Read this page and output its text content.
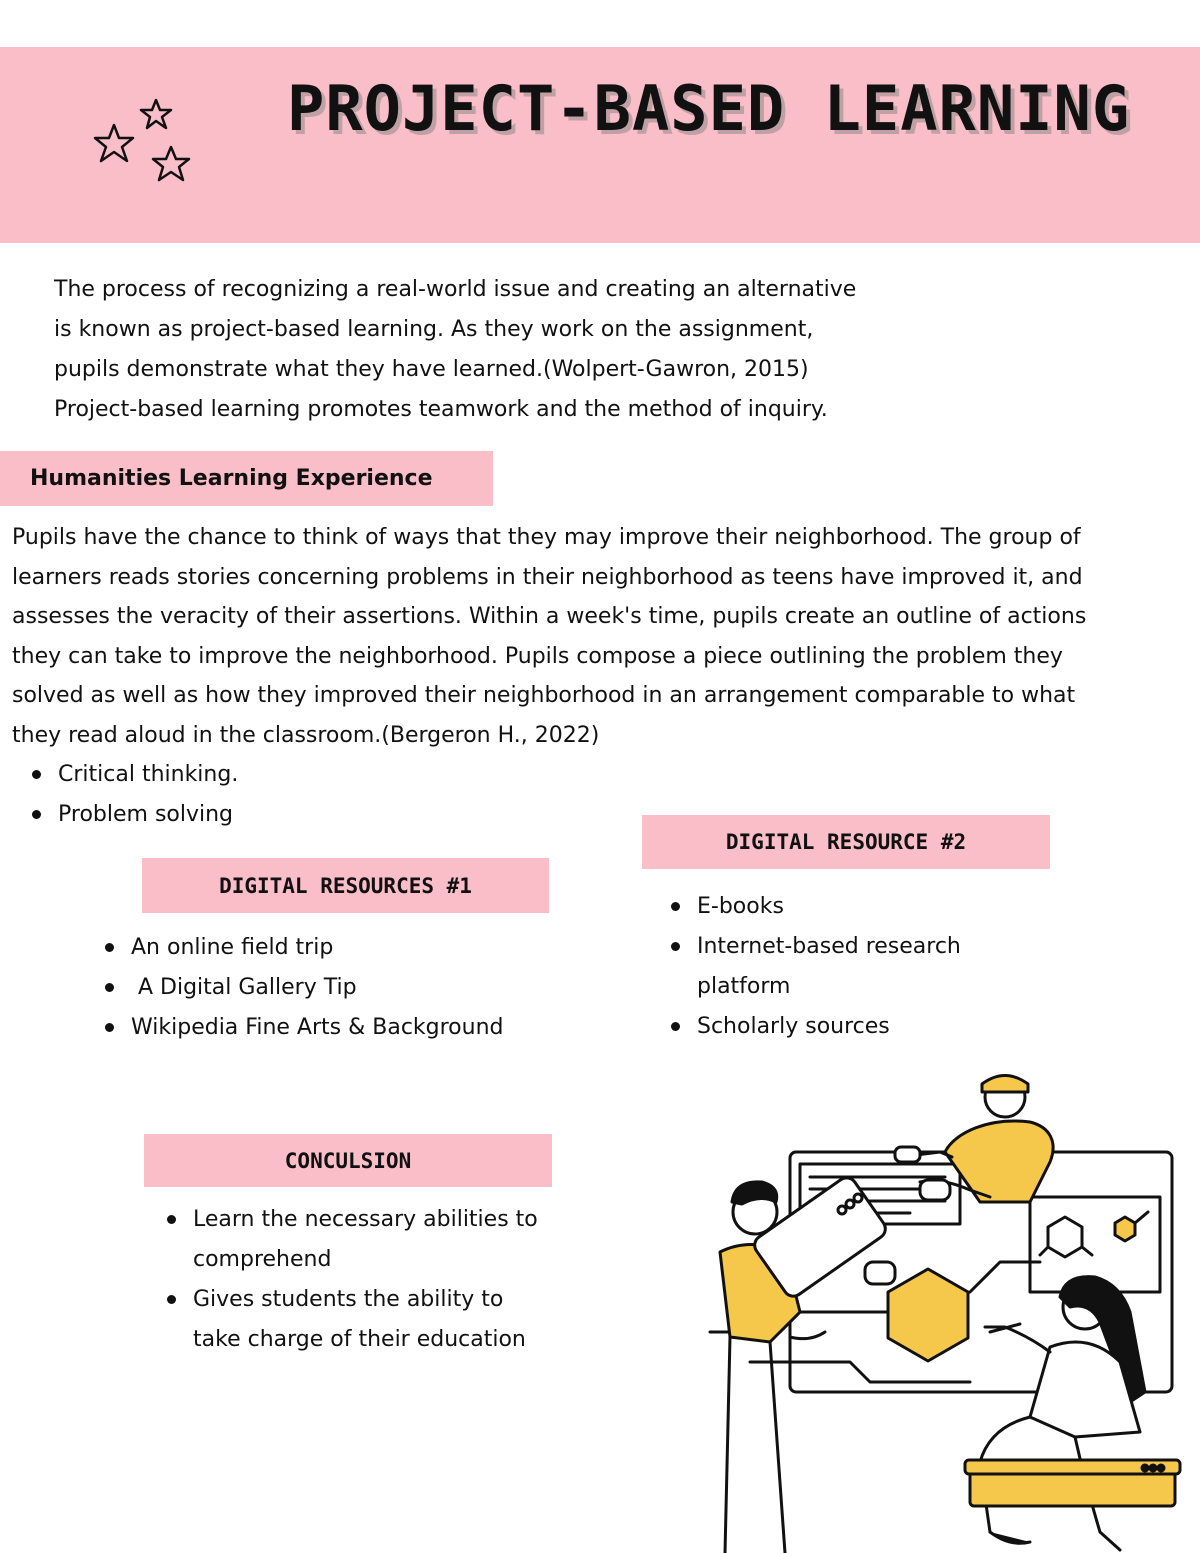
PROJECT-BASED LEARNING

The process of recognizing a real-world issue and creating an alternative
is known as project-based learning. As they work on the assignment,
pupils demonstrate what they have learned.(Wolpert-Gawron, 2015)
Project-based learning promotes teamwork and the method of inquiry.

Humanities Learning Experience

Pupils have the chance to think of ways that they may improve their neighborhood. The group of
learners reads stories concerning problems in their neighborhood as teens have improved it, and
assesses the veracity of their assertions. Within a week's time, pupils create an outline of actions
they can take to improve the neighborhood. Pupils compose a piece outlining the problem they
solved as well as how they improved their neighborhood in an arrangement comparable to what
they read aloud in the classroom.(Bergeron H., 2022)

Critical thinking.
Problem solving
DIGITAL RESOURCES #1
An online field trip
A Digital Gallery Tip
Wikipedia Fine Arts & Background
DIGITAL RESOURCE #2
E-books
Internet-based research platform
Scholarly sources
CONCULSION
Learn the necessary abilities to comprehend
Gives students the ability to take charge of their education
